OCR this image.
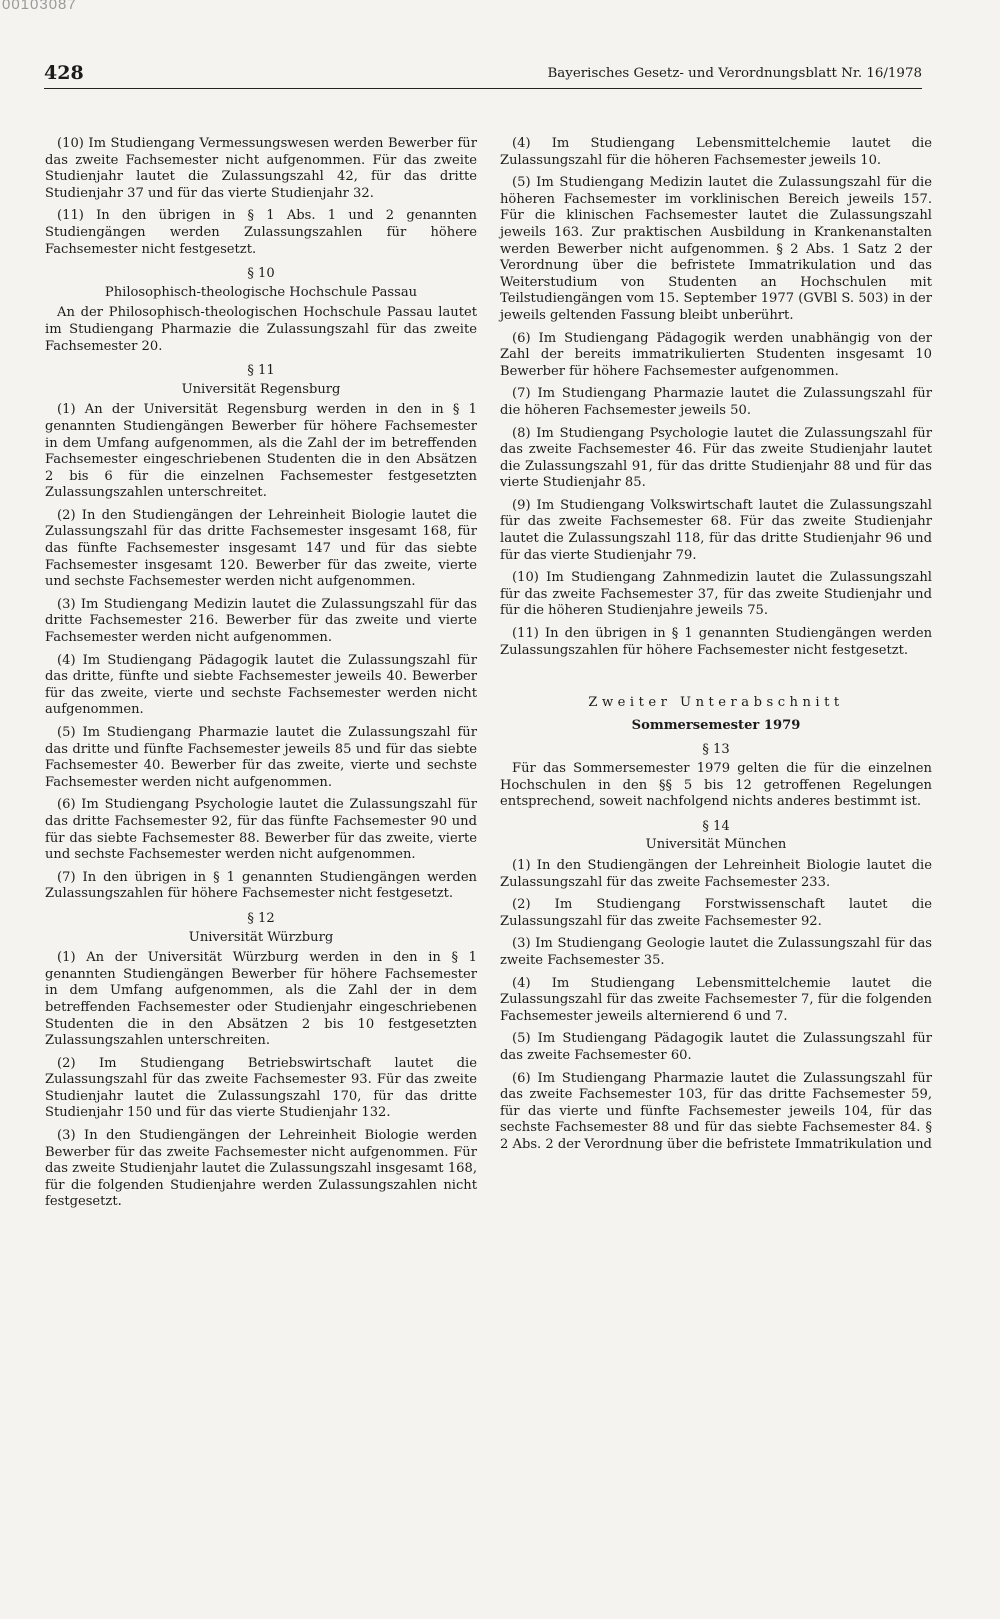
00103087
428	Bayerisches Gesetz- und Verordnungsblatt Nr. 16/1978

(10) Im Studiengang Vermessungswesen werden Bewerber für das zweite Fachsemester nicht aufgenommen. Für das zweite Studienjahr lautet die Zulassungszahl 42, für das dritte Studienjahr 37 und für das vierte Studienjahr 32.

(11) In den übrigen in § 1 Abs. 1 und 2 genannten Studiengängen werden Zulassungszahlen für höhere Fachsemester nicht festgesetzt.

§ 10
Philosophisch-theologische Hochschule Passau

An der Philosophisch-theologischen Hochschule Passau lautet im Studiengang Pharmazie die Zulassungszahl für das zweite Fachsemester 20.

§ 11
Universität Regensburg

(1) An der Universität Regensburg werden in den in § 1 genannten Studiengängen Bewerber für höhere Fachsemester in dem Umfang aufgenommen, als die Zahl der im betreffenden Fachsemester eingeschriebenen Studenten die in den Absätzen 2 bis 6 für die einzelnen Fachsemester festgesetzten Zulassungszahlen unterschreitet.

(2) In den Studiengängen der Lehreinheit Biologie lautet die Zulassungszahl für das dritte Fachsemester insgesamt 168, für das fünfte Fachsemester insgesamt 147 und für das siebte Fachsemester insgesamt 120. Bewerber für das zweite, vierte und sechste Fachsemester werden nicht aufgenommen.

(3) Im Studiengang Medizin lautet die Zulassungszahl für das dritte Fachsemester 216. Bewerber für das zweite und vierte Fachsemester werden nicht aufgenommen.

(4) Im Studiengang Pädagogik lautet die Zulassungszahl für das dritte, fünfte und siebte Fachsemester jeweils 40. Bewerber für das zweite, vierte und sechste Fachsemester werden nicht aufgenommen.

(5) Im Studiengang Pharmazie lautet die Zulassungszahl für das dritte und fünfte Fachsemester jeweils 85 und für das siebte Fachsemester 40. Bewerber für das zweite, vierte und sechste Fachsemester werden nicht aufgenommen.

(6) Im Studiengang Psychologie lautet die Zulassungszahl für das dritte Fachsemester 92, für das fünfte Fachsemester 90 und für das siebte Fachsemester 88. Bewerber für das zweite, vierte und sechste Fachsemester werden nicht aufgenommen.

(7) In den übrigen in § 1 genannten Studiengängen werden Zulassungszahlen für höhere Fachsemester nicht festgesetzt.

§ 12
Universität Würzburg

(1) An der Universität Würzburg werden in den in § 1 genannten Studiengängen Bewerber für höhere Fachsemester in dem Umfang aufgenommen, als die Zahl der in dem betreffenden Fachsemester oder Studienjahr eingeschriebenen Studenten die in den Absätzen 2 bis 10 festgesetzten Zulassungszahlen unterschreiten.

(2) Im Studiengang Betriebswirtschaft lautet die Zulassungszahl für das zweite Fachsemester 93. Für das zweite Studienjahr lautet die Zulassungszahl 170, für das dritte Studienjahr 150 und für das vierte Studienjahr 132.

(3) In den Studiengängen der Lehreinheit Biologie werden Bewerber für das zweite Fachsemester nicht aufgenommen. Für das zweite Studienjahr lautet die Zulassungszahl insgesamt 168, für die folgenden Studienjahre werden Zulassungszahlen nicht festgesetzt.

(4) Im Studiengang Lebensmittelchemie lautet die Zulassungszahl für die höheren Fachsemester jeweils 10.

(5) Im Studiengang Medizin lautet die Zulassungszahl für die höheren Fachsemester im vorklinischen Bereich jeweils 157. Für die klinischen Fachsemester lautet die Zulassungszahl jeweils 163. Zur praktischen Ausbildung in Krankenanstalten werden Bewerber nicht aufgenommen. § 2 Abs. 1 Satz 2 der Verordnung über die befristete Immatrikulation und das Weiterstudium von Studenten an Hochschulen mit Teilstudiengängen vom 15. September 1977 (GVBl S. 503) in der jeweils geltenden Fassung bleibt unberührt.

(6) Im Studiengang Pädagogik werden unabhängig von der Zahl der bereits immatrikulierten Studenten insgesamt 10 Bewerber für höhere Fachsemester aufgenommen.

(7) Im Studiengang Pharmazie lautet die Zulassungszahl für die höheren Fachsemester jeweils 50.

(8) Im Studiengang Psychologie lautet die Zulassungszahl für das zweite Fachsemester 46. Für das zweite Studienjahr lautet die Zulassungszahl 91, für das dritte Studienjahr 88 und für das vierte Studienjahr 85.

(9) Im Studiengang Volkswirtschaft lautet die Zulassungszahl für das zweite Fachsemester 68. Für das zweite Studienjahr lautet die Zulassungszahl 118, für das dritte Studienjahr 96 und für das vierte Studienjahr 79.

(10) Im Studiengang Zahnmedizin lautet die Zulassungszahl für das zweite Fachsemester 37, für das zweite Studienjahr und für die höheren Studienjahre jeweils 75.

(11) In den übrigen in § 1 genannten Studiengängen werden Zulassungszahlen für höhere Fachsemester nicht festgesetzt.

Zweiter Unterabschnitt
Sommersemester 1979
§ 13

Für das Sommersemester 1979 gelten die für die einzelnen Hochschulen in den §§ 5 bis 12 getroffenen Regelungen entsprechend, soweit nachfolgend nichts anderes bestimmt ist.

§ 14
Universität München

(1) In den Studiengängen der Lehreinheit Biologie lautet die Zulassungszahl für das zweite Fachsemester 233.

(2) Im Studiengang Forstwissenschaft lautet die Zulassungszahl für das zweite Fachsemester 92.

(3) Im Studiengang Geologie lautet die Zulassungszahl für das zweite Fachsemester 35.

(4) Im Studiengang Lebensmittelchemie lautet die Zulassungszahl für das zweite Fachsemester 7, für die folgenden Fachsemester jeweils alternierend 6 und 7.

(5) Im Studiengang Pädagogik lautet die Zulassungszahl für das zweite Fachsemester 60.

(6) Im Studiengang Pharmazie lautet die Zulassungszahl für das zweite Fachsemester 103, für das dritte Fachsemester 59, für das vierte und fünfte Fachsemester jeweils 104, für das sechste Fachsemester 88 und für das siebte Fachsemester 84. § 2 Abs. 2 der Verordnung über die befristete Immatrikulation und
